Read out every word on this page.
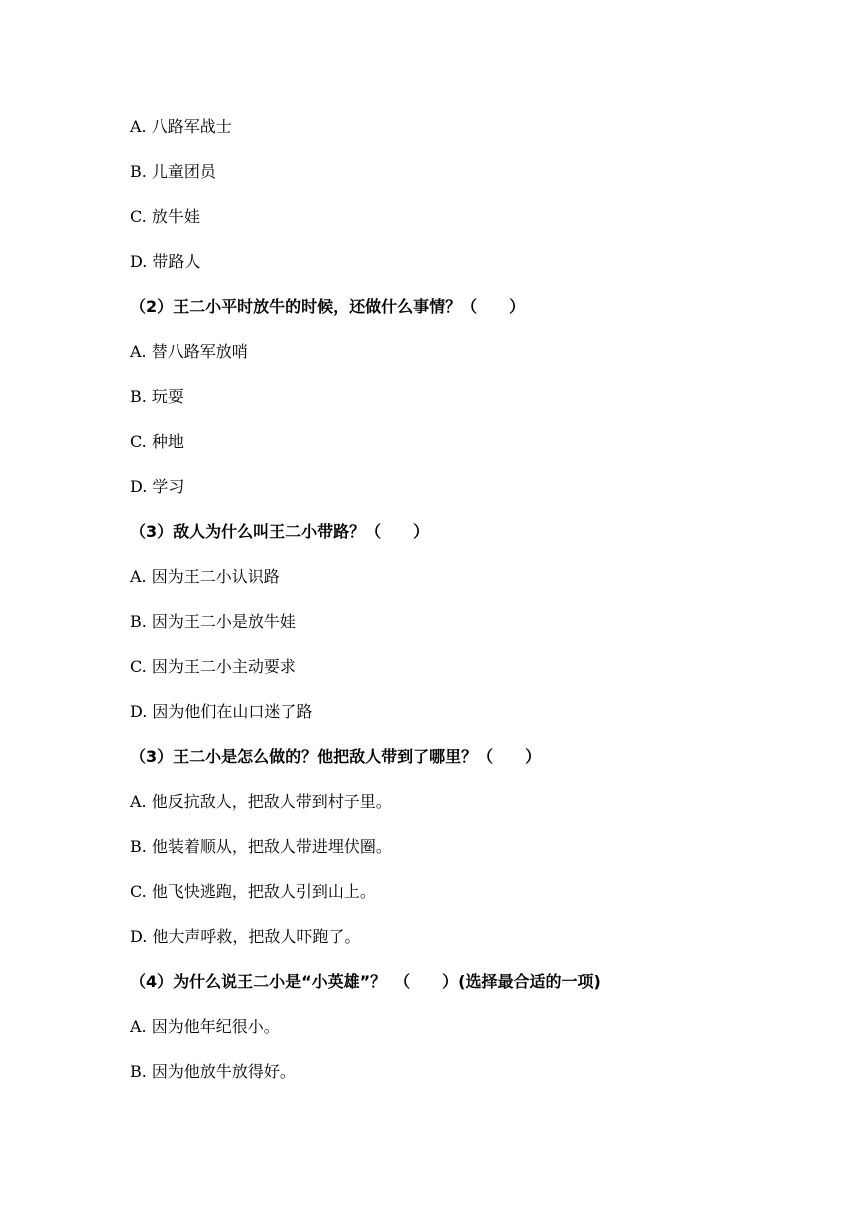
A. 八路军战士
B. 儿童团员
C. 放牛娃
D. 带路人
（2）王二小平时放牛的时候，还做什么事情？（　　）
A. 替八路军放哨
B. 玩耍
C. 种地
D. 学习
（3）敌人为什么叫王二小带路？（　　）
A. 因为王二小认识路
B. 因为王二小是放牛娃
C. 因为王二小主动要求
D. 因为他们在山口迷了路
（3）王二小是怎么做的？他把敌人带到了哪里？（　　）
A. 他反抗敌人，把敌人带到村子里。
B. 他装着顺从，把敌人带进埋伏圈。
C. 他飞快逃跑，把敌人引到山上。
D. 他大声呼救，把敌人吓跑了。
（4）为什么说王二小是“小英雄”？　（　　）(选择最合适的一项)
A. 因为他年纪很小。
B. 因为他放牛放得好。
